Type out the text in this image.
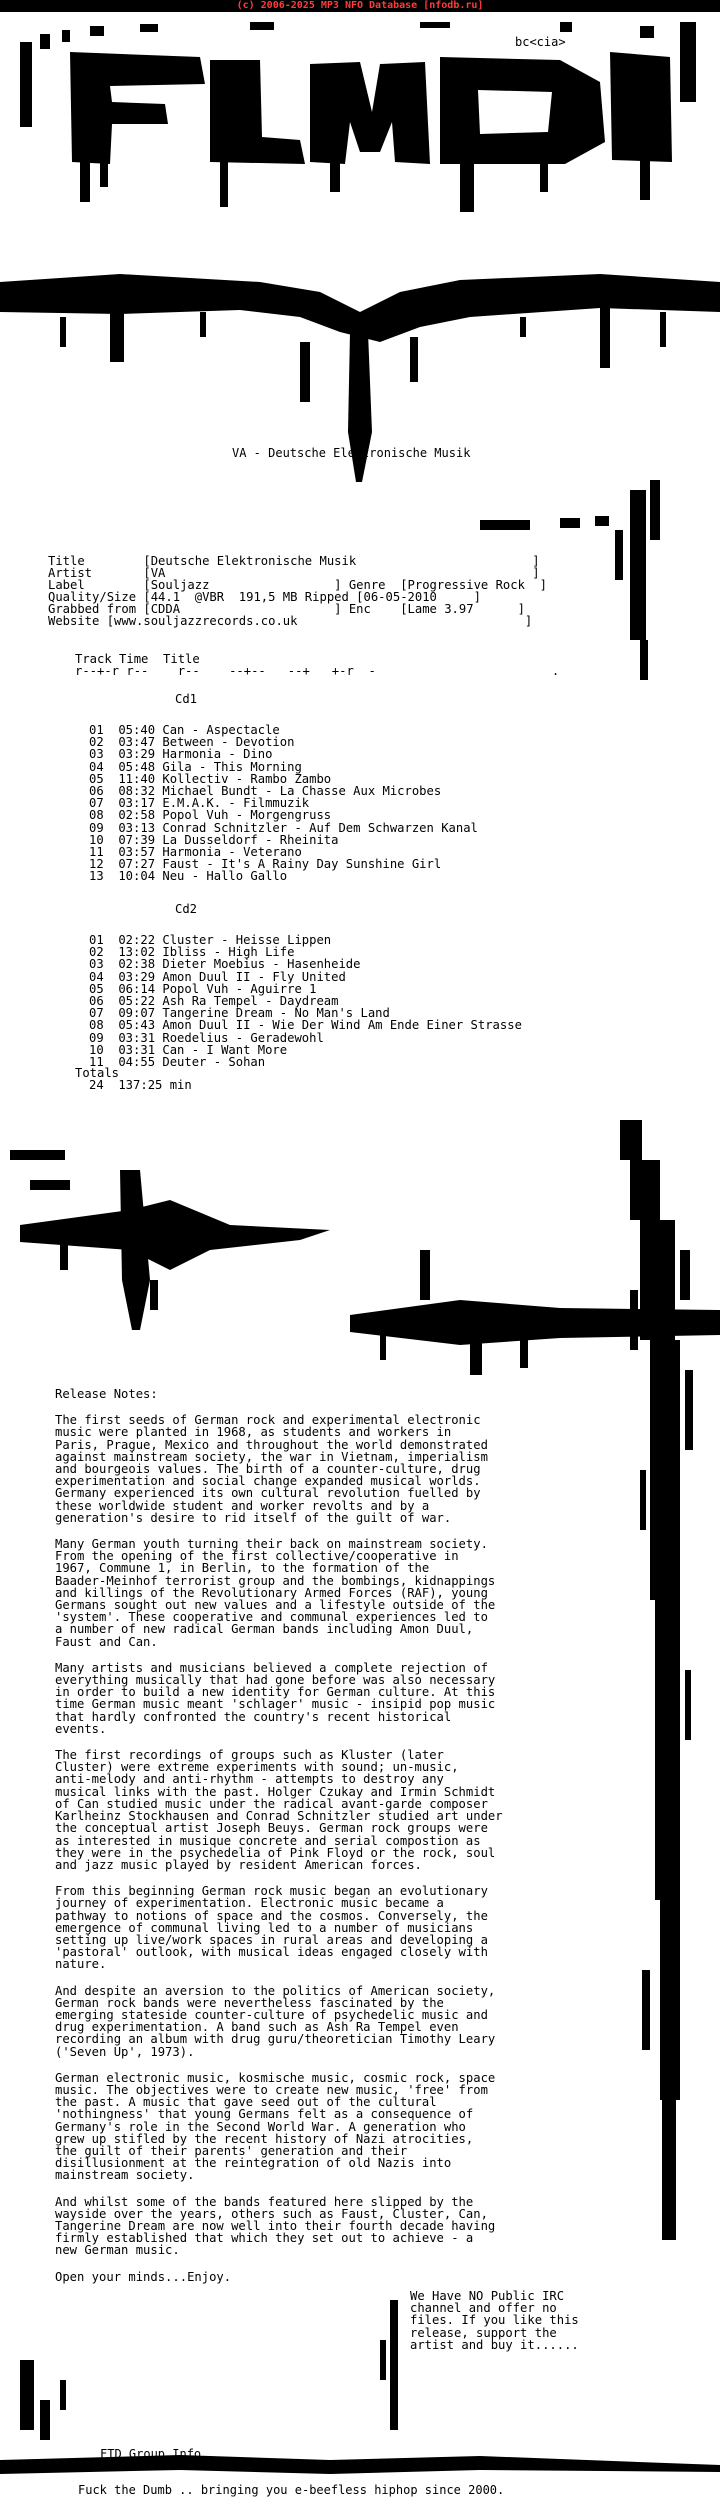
(c) 2006-2025 MP3 NFO Database [nfodb.ru]
bc<cia>
Proudly	Presents
VA - Deutsche Elektronische Musik
Title        [Deutsche Elektronische Musik                        ]
Artist       [VA                                                  ]
Label        [Souljazz                 ] Genre  [Progressive Rock  ]
Quality/Size [44.1  @VBR  191,5 MB Ripped [06-05-2010     ]
Grabbed from [CDDA                     ] Enc    [Lame 3.97      ]
Website [www.souljazzrecords.co.uk                               ]
Track Time  Title
r--+-r r--    r--    --+--   --+   +-r  -                        .
Cd1
01  05:40 Can - Aspectacle
02  03:47 Between - Devotion
03  03:29 Harmonia - Dino
04  05:48 Gila - This Morning
05  11:40 Kollectiv - Rambo Zambo
06  08:32 Michael Bundt - La Chasse Aux Microbes
07  03:17 E.M.A.K. - Filmmuzik
08  02:58 Popol Vuh - Morgengruss
09  03:13 Conrad Schnitzler - Auf Dem Schwarzen Kanal
10  07:39 La Dusseldorf - Rheinita
11  03:57 Harmonia - Veterano
12  07:27 Faust - It's A Rainy Day Sunshine Girl
13  10:04 Neu - Hallo Gallo
Cd2
01  02:22 Cluster - Heisse Lippen
02  13:02 Ibliss - High Life
03  02:38 Dieter Moebius - Hasenheide
04  03:29 Amon Duul II - Fly United
05  06:14 Popol Vuh - Aguirre 1
06  05:22 Ash Ra Tempel - Daydream
07  09:07 Tangerine Dream - No Man's Land
08  05:43 Amon Duul II - Wie Der Wind Am Ende Einer Strasse
09  03:31 Roedelius - Geradewohl
10  03:31 Can - I Want More
11  04:55 Deuter - Sohan
Totals
24  137:25 min

Release Notes:

The first seeds of German rock and experimental electronic
music were planted in 1968, as students and workers in
Paris, Prague, Mexico and throughout the world demonstrated
against mainstream society, the war in Vietnam, imperialism
and bourgeois values. The birth of a counter-culture, drug
experimentation and social change expanded musical worlds.
Germany experienced its own cultural revolution fuelled by
these worldwide student and worker revolts and by a
generation's desire to rid itself of the guilt of war.

Many German youth turning their back on mainstream society.
From the opening of the first collective/cooperative in
1967, Commune 1, in Berlin, to the formation of the
Baader-Meinhof terrorist group and the bombings, kidnappings
and killings of the Revolutionary Armed Forces (RAF), young
Germans sought out new values and a lifestyle outside of the
'system'. These cooperative and communal experiences led to
a number of new radical German bands including Amon Duul,
Faust and Can.

Many artists and musicians believed a complete rejection of
everything musically that had gone before was also necessary
in order to build a new identity for German culture. At this
time German music meant 'schlager' music - insipid pop music
that hardly confronted the country's recent historical
events.

The first recordings of groups such as Kluster (later
Cluster) were extreme experiments with sound; un-music,
anti-melody and anti-rhythm - attempts to destroy any
musical links with the past. Holger Czukay and Irmin Schmidt
of Can studied music under the radical avant-garde composer
Karlheinz Stockhausen and Conrad Schnitzler studied art under
the conceptual artist Joseph Beuys. German rock groups were
as interested in musique concrete and serial compostion as
they were in the psychedelia of Pink Floyd or the rock, soul
and jazz music played by resident American forces.

From this beginning German rock music began an evolutionary
journey of experimentation. Electronic music became a
pathway to notions of space and the cosmos. Conversely, the
emergence of communal living led to a number of musicians
setting up live/work spaces in rural areas and developing a
'pastoral' outlook, with musical ideas engaged closely with
nature.

And despite an aversion to the politics of American society,
German rock bands were nevertheless fascinated by the
emerging stateside counter-culture of psychedelic music and
drug experimentation. A band such as Ash Ra Tempel even
recording an album with drug guru/theoretician Timothy Leary
('Seven Up', 1973).

German electronic music, kosmische music, cosmic rock, space
music. The objectives were to create new music, 'free' from
the past. A music that gave seed out of the cultural
'nothingness' that young Germans felt as a consequence of
Germany's role in the Second World War. A generation who
grew up stifled by the recent history of Nazi atrocities,
the guilt of their parents' generation and their
disillusionment at the reintegration of old Nazis into
mainstream society.

And whilst some of the bands featured here slipped by the
wayside over the years, others such as Faust, Cluster, Can,
Tangerine Dream are now well into their fourth decade having
firmly established that which they set out to achieve - a
new German music.

Open your minds...Enjoy.

We Have NO Public IRC
channel and offer no
files. If you like this
release, support the
artist and buy it......
FTD Group Info
Fuck the Dumb .. bringing you e-beefless hiphop since 2000.
